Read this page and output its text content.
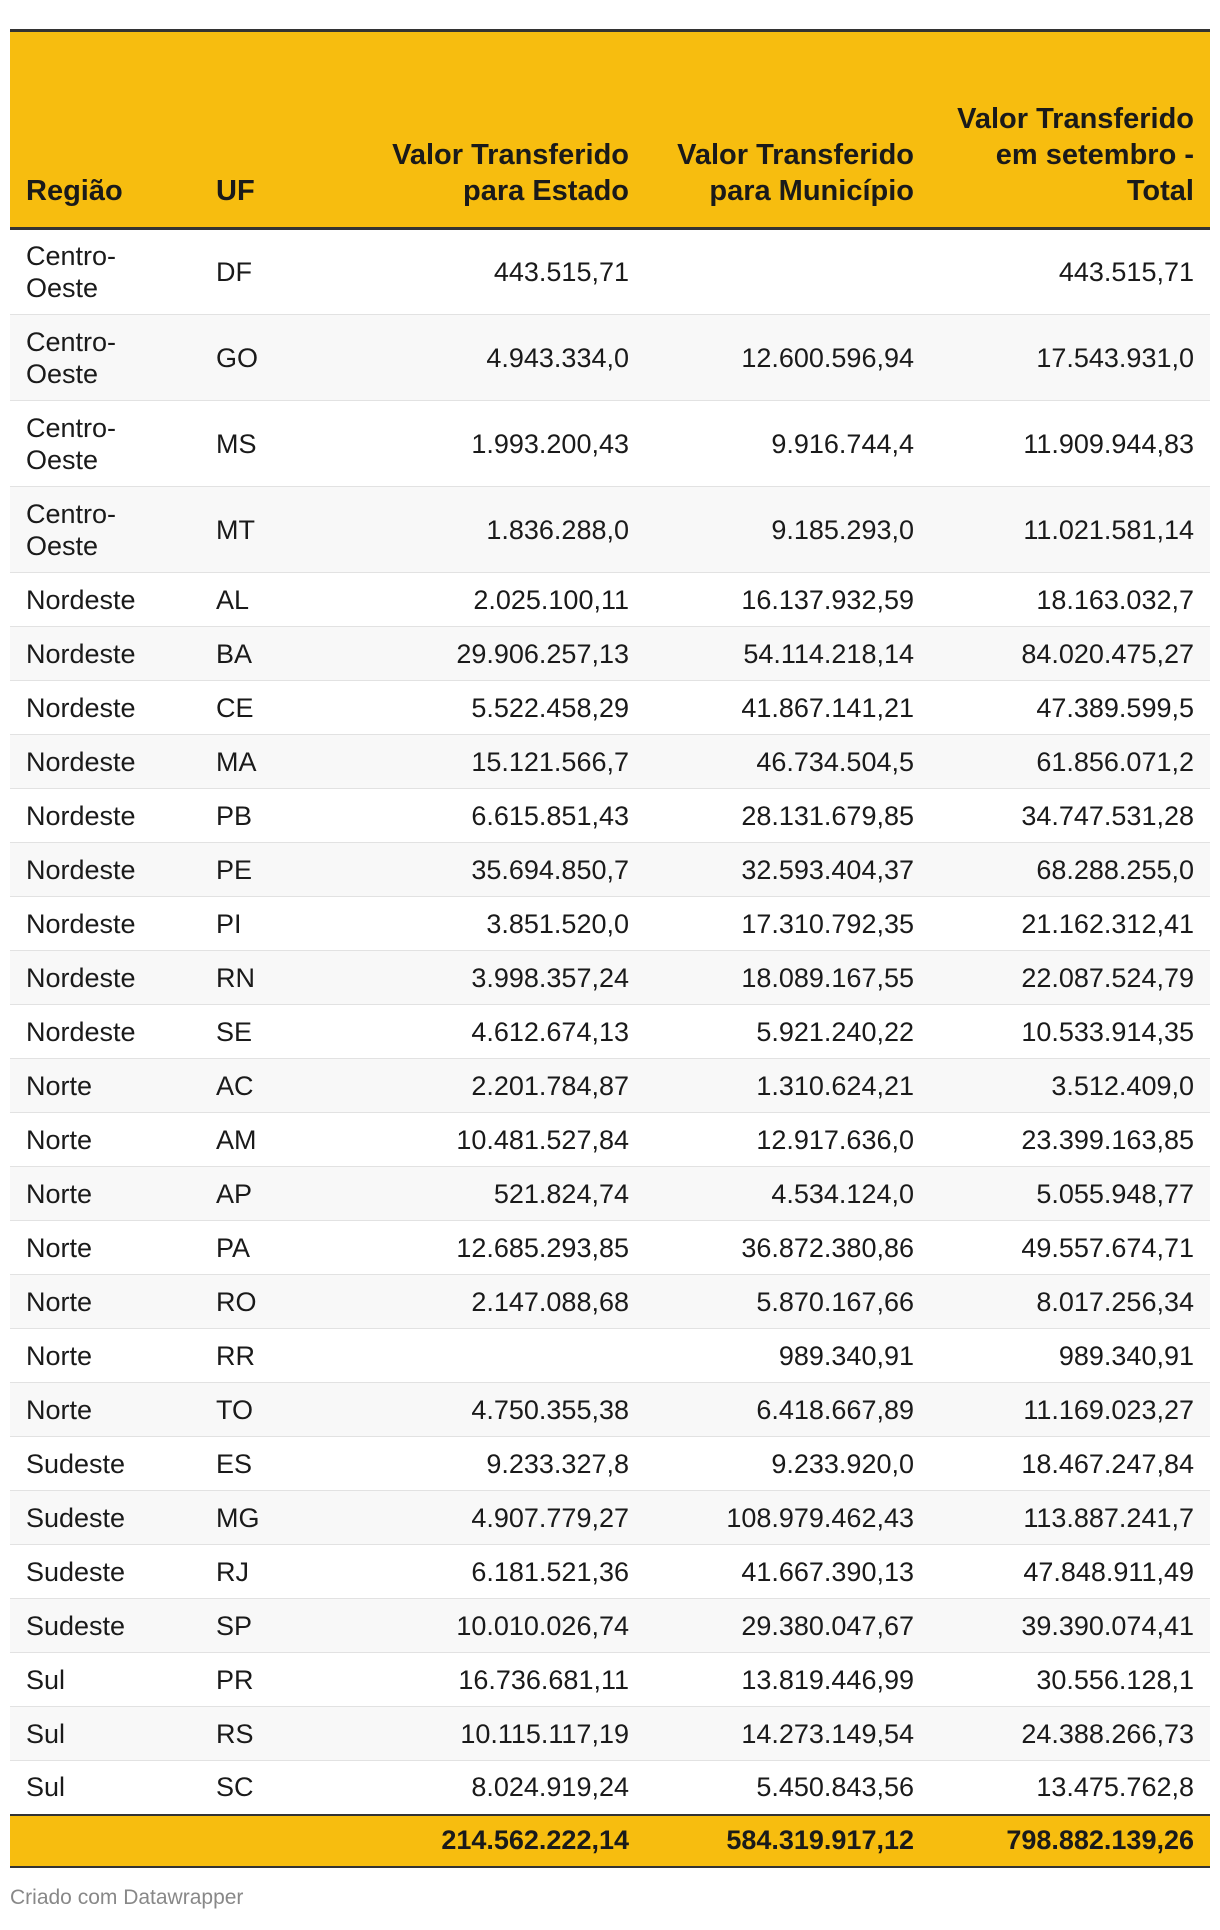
Região	UF	Valor Transferido para Estado	Valor Transferido para Município	Valor Transferido em setembro - Total
Centro-Oeste	DF	443.515,71		443.515,71
Centro-Oeste	GO	4.943.334,0	12.600.596,94	17.543.931,0
Centro-Oeste	MS	1.993.200,43	9.916.744,4	11.909.944,83
Centro-Oeste	MT	1.836.288,0	9.185.293,0	11.021.581,14
Nordeste	AL	2.025.100,11	16.137.932,59	18.163.032,7
Nordeste	BA	29.906.257,13	54.114.218,14	84.020.475,27
Nordeste	CE	5.522.458,29	41.867.141,21	47.389.599,5
Nordeste	MA	15.121.566,7	46.734.504,5	61.856.071,2
Nordeste	PB	6.615.851,43	28.131.679,85	34.747.531,28
Nordeste	PE	35.694.850,7	32.593.404,37	68.288.255,0
Nordeste	PI	3.851.520,0	17.310.792,35	21.162.312,41
Nordeste	RN	3.998.357,24	18.089.167,55	22.087.524,79
Nordeste	SE	4.612.674,13	5.921.240,22	10.533.914,35
Norte	AC	2.201.784,87	1.310.624,21	3.512.409,0
Norte	AM	10.481.527,84	12.917.636,0	23.399.163,85
Norte	AP	521.824,74	4.534.124,0	5.055.948,77
Norte	PA	12.685.293,85	36.872.380,86	49.557.674,71
Norte	RO	2.147.088,68	5.870.167,66	8.017.256,34
Norte	RR		989.340,91	989.340,91
Norte	TO	4.750.355,38	6.418.667,89	11.169.023,27
Sudeste	ES	9.233.327,8	9.233.920,0	18.467.247,84
Sudeste	MG	4.907.779,27	108.979.462,43	113.887.241,7
Sudeste	RJ	6.181.521,36	41.667.390,13	47.848.911,49
Sudeste	SP	10.010.026,74	29.380.047,67	39.390.074,41
Sul	PR	16.736.681,11	13.819.446,99	30.556.128,1
Sul	RS	10.115.117,19	14.273.149,54	24.388.266,73
Sul	SC	8.024.919,24	5.450.843,56	13.475.762,8
		214.562.222,14	584.319.917,12	798.882.139,26
Criado com Datawrapper
